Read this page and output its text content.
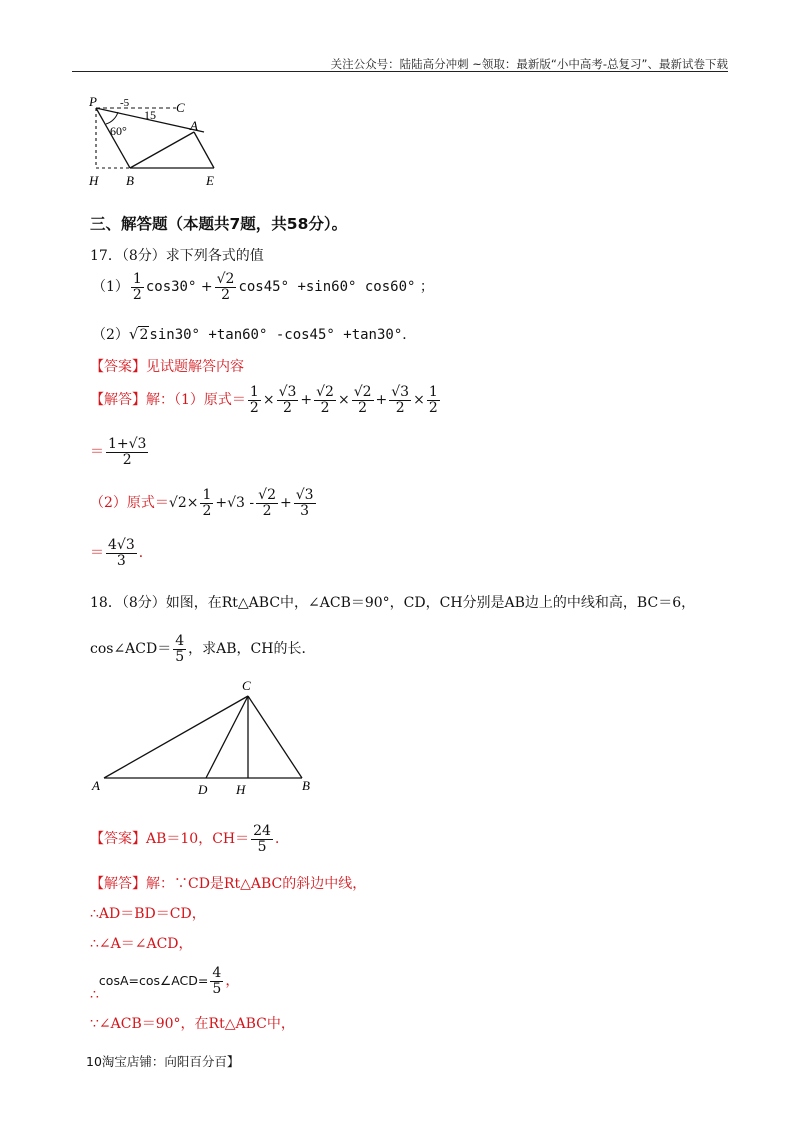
关注公众号：陆陆高分冲刺 ~领取：最新版“小中高考-总复习”、最新试卷下载
P	C
A
H B	E
15
-5
60°
三、解答题（本题共7题，共58分）。
17．（8分）求下列各式的值
$(1) \frac{1}{2} \cos 30^\circ + \frac{√2}{2} \cos 45^\circ +\sin 60^\circ$ cos60° ；
（2）√2sin30° +tan60° -cos45° +tan30°．
【答案】见试题解答内容
【解答】解：（1）原式＝ $\frac{1}{2} \times \frac{√3}{2} + \frac{√2}{2} \times \frac{√2}{2} + \frac{√3}{2} \times \frac{1}{2}$
＝ $\frac{1+√3}{2}$
（2）原式$=√2\times \frac{1}{2} +√3 - \frac{√2}{2} + \frac{√3}{3}$
＝ $\frac{4√3}{3}$ ．
18．（8分）如图，在Rt△ABC中，∠ACB＝90°，CD，CH分别是AB边上的中线和高，BC＝6，
cos∠ACD＝ $\frac{4}{5}$ ，求AB，CH的长．
C
A	D H	B
【答案】AB＝10，$CH= \frac{24}{5}$ ．
【解答】解：∵CD是Rt△ABC的斜边中线，
∴AD＝BD＝CD，
∴∠A＝∠ACD，
∴cosA=cos∠ACD= $\frac{4}{5}$ ，
∵∠ACB＝90°，在Rt△ABC中，
10淘宝店铺：向阳百分百】
